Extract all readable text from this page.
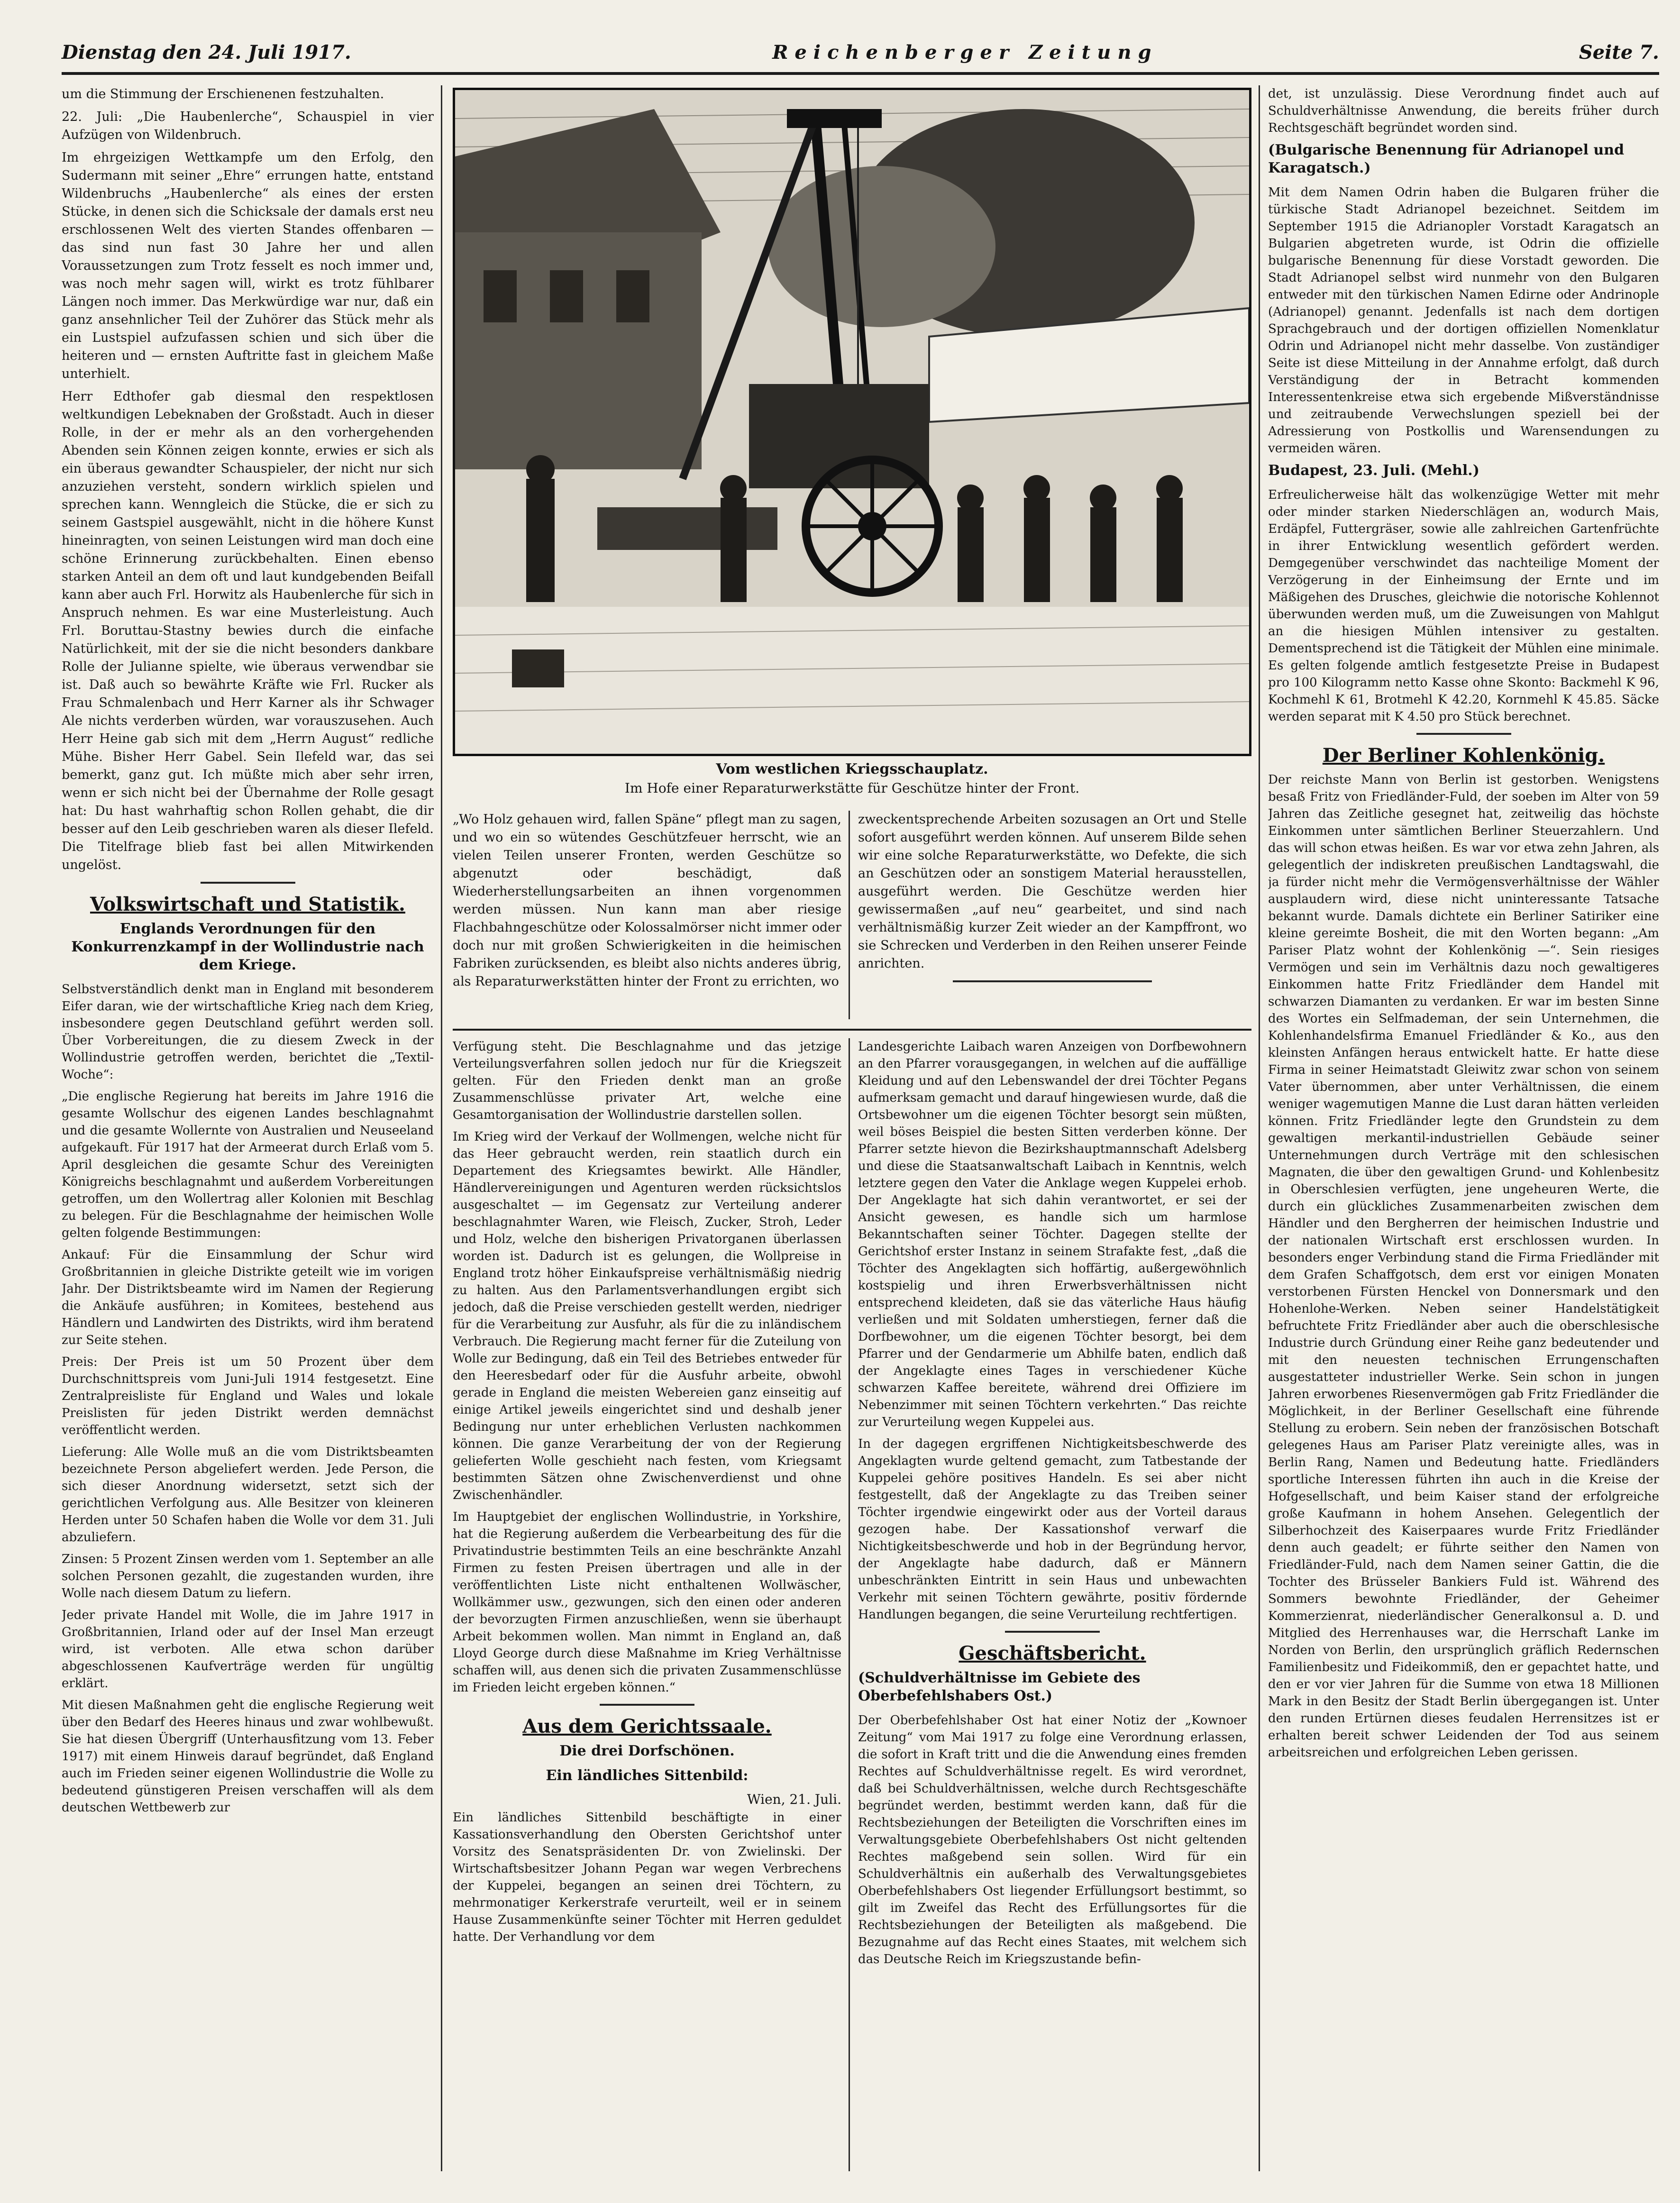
Dienstag den 24. Juli 1917.	Reichenberger Zeitung	Seite 7.

um die Stimmung der Erschienenen festzuhalten.

22. Juli: „Die Haubenlerche“, Schauspiel in vier Aufzügen von Wildenbruch.

Im ehrgeizigen Wettkampfe um den Erfolg, den Sudermann mit seiner „Ehre“ errungen hatte, entstand Wildenbruchs „Haubenlerche“ als eines der ersten Stücke, in denen sich die Schicksale der damals erst neu erschlossenen Welt des vierten Standes offenbaren — das sind nun fast 30 Jahre her und allen Voraussetzungen zum Trotz fesselt es noch immer und, was noch mehr sagen will, wirkt es trotz fühlbarer Längen noch immer. Das Merkwürdige war nur, daß ein ganz ansehnlicher Teil der Zuhörer das Stück mehr als ein Lustspiel aufzufassen schien und sich über die heiteren und — ernsten Auftritte fast in gleichem Maße unterhielt.

Herr Edthofer gab diesmal den respektlosen weltkundigen Lebeknaben der Großstadt. Auch in dieser Rolle, in der er mehr als an den vorhergehenden Abenden sein Können zeigen konnte, erwies er sich als ein überaus gewandter Schauspieler, der nicht nur sich anzuziehen versteht, sondern wirklich spielen und sprechen kann. Wenngleich die Stücke, die er sich zu seinem Gastspiel ausgewählt, nicht in die höhere Kunst hineinragten, von seinen Leistungen wird man doch eine schöne Erinnerung zurückbehalten. Einen ebenso starken Anteil an dem oft und laut kundgebenden Beifall kann aber auch Frl. Horwitz als Haubenlerche für sich in Anspruch nehmen. Es war eine Musterleistung. Auch Frl. Boruttau-Stastny bewies durch die einfache Natürlichkeit, mit der sie die nicht besonders dankbare Rolle der Julianne spielte, wie überaus verwendbar sie ist. Daß auch so bewährte Kräfte wie Frl. Rucker als Frau Schmalenbach und Herr Karner als ihr Schwager Ale nichts verderben würden, war vorauszusehen. Auch Herr Heine gab sich mit dem „Herrn August“ redliche Mühe. Bisher Herr Gabel. Sein Ilefeld war, das sei bemerkt, ganz gut. Ich müßte mich aber sehr irren, wenn er sich nicht bei der Übernahme der Rolle gesagt hat: Du hast wahrhaftig schon Rollen gehabt, die dir besser auf den Leib geschrieben waren als dieser Ilefeld. Die Titelfrage blieb fast bei allen Mitwirkenden ungelöst.

Volkswirtschaft und Statistik.
Englands Verordnungen für den Konkurrenzkampf in der Wollindustrie nach dem Kriege.

Selbstverständlich denkt man in England mit besonderem Eifer daran, wie der wirtschaftliche Krieg nach dem Krieg, insbesondere gegen Deutschland geführt werden soll. Über Vorbereitungen, die zu diesem Zweck in der Wollindustrie getroffen werden, berichtet die „Textil-Woche“:

„Die englische Regierung hat bereits im Jahre 1916 die gesamte Wollschur des eigenen Landes beschlagnahmt und die gesamte Wollernte von Australien und Neuseeland aufgekauft. Für 1917 hat der Armeerat durch Erlaß vom 5. April desgleichen die gesamte Schur des Vereinigten Königreichs beschlagnahmt und außerdem Vorbereitungen getroffen, um den Wollertrag aller Kolonien mit Beschlag zu belegen. Für die Beschlagnahme der heimischen Wolle gelten folgende Bestimmungen:

Ankauf: Für die Einsammlung der Schur wird Großbritannien in gleiche Distrikte geteilt wie im vorigen Jahr. Der Distriktsbeamte wird im Namen der Regierung die Ankäufe ausführen; in Komitees, bestehend aus Händlern und Landwirten des Distrikts, wird ihm beratend zur Seite stehen.

Preis: Der Preis ist um 50 Prozent über dem Durchschnittspreis vom Juni-Juli 1914 festgesetzt. Eine Zentralpreisliste für England und Wales und lokale Preislisten für jeden Distrikt werden demnächst veröffentlicht werden.

Lieferung: Alle Wolle muß an die vom Distriktsbeamten bezeichnete Person abgeliefert werden. Jede Person, die sich dieser Anordnung widersetzt, setzt sich der gerichtlichen Verfolgung aus. Alle Besitzer von kleineren Herden unter 50 Schafen haben die Wolle vor dem 31. Juli abzuliefern.

Zinsen: 5 Prozent Zinsen werden vom 1. September an alle solchen Personen gezahlt, die zugestanden wurden, ihre Wolle nach diesem Datum zu liefern.

Jeder private Handel mit Wolle, die im Jahre 1917 in Großbritannien, Irland oder auf der Insel Man erzeugt wird, ist verboten. Alle etwa schon darüber abgeschlossenen Kaufverträge werden für ungültig erklärt.

Mit diesen Maßnahmen geht die englische Regierung weit über den Bedarf des Heeres hinaus und zwar wohlbewußt. Sie hat diesen Übergriff (Unterhausfitzung vom 13. Feber 1917) mit einem Hinweis darauf begründet, daß England auch im Frieden seiner eigenen Wollindustrie die Wolle zu bedeutend günstigeren Preisen verschaffen will als dem deutschen Wettbewerb zur

Vom westlichen Kriegsschauplatz.
Im Hofe einer Reparaturwerkstätte für Geschütze hinter der Front.

„Wo Holz gehauen wird, fallen Späne“ pflegt man zu sagen, und wo ein so wütendes Geschützfeuer herrscht, wie an vielen Teilen unserer Fronten, werden Geschütze so abgenutzt oder beschädigt, daß Wiederherstellungsarbeiten an ihnen vorgenommen werden müssen. Nun kann man aber riesige Flachbahngeschütze oder Kolossalmörser nicht immer oder doch nur mit großen Schwierigkeiten in die heimischen Fabriken zurücksenden, es bleibt also nichts anderes übrig, als Reparaturwerkstätten hinter der Front zu errichten, wo

zweckentsprechende Arbeiten sozusagen an Ort und Stelle sofort ausgeführt werden können. Auf unserem Bilde sehen wir eine solche Reparaturwerkstätte, wo Defekte, die sich an Geschützen oder an sonstigem Material herausstellen, ausgeführt werden. Die Geschütze werden hier gewissermaßen „auf neu“ gearbeitet, und sind nach verhältnismäßig kurzer Zeit wieder an der Kampffront, wo sie Schrecken und Verderben in den Reihen unserer Feinde anrichten.

Verfügung steht. Die Beschlagnahme und das jetzige Verteilungsverfahren sollen jedoch nur für die Kriegszeit gelten. Für den Frieden denkt man an große Zusammenschlüsse privater Art, welche eine Gesamtorganisation der Wollindustrie darstellen sollen.

Im Krieg wird der Verkauf der Wollmengen, welche nicht für das Heer gebraucht werden, rein staatlich durch ein Departement des Kriegsamtes bewirkt. Alle Händler, Händlervereinigungen und Agenturen werden rücksichtslos ausgeschaltet — im Gegensatz zur Verteilung anderer beschlagnahmter Waren, wie Fleisch, Zucker, Stroh, Leder und Holz, welche den bisherigen Privatorganen überlassen worden ist. Dadurch ist es gelungen, die Wollpreise in England trotz höher Einkaufspreise verhältnismäßig niedrig zu halten. Aus den Parlamentsverhandlungen ergibt sich jedoch, daß die Preise verschieden gestellt werden, niedriger für die Verarbeitung zur Ausfuhr, als für die zu inländischem Verbrauch. Die Regierung macht ferner für die Zuteilung von Wolle zur Bedingung, daß ein Teil des Betriebes entweder für den Heeresbedarf oder für die Ausfuhr arbeite, obwohl gerade in England die meisten Webereien ganz einseitig auf einige Artikel jeweils eingerichtet sind und deshalb jener Bedingung nur unter erheblichen Verlusten nachkommen können. Die ganze Verarbeitung der von der Regierung gelieferten Wolle geschieht nach festen, vom Kriegsamt bestimmten Sätzen ohne Zwischenverdienst und ohne Zwischenhändler.

Im Hauptgebiet der englischen Wollindustrie, in Yorkshire, hat die Regierung außerdem die Verbearbeitung des für die Privatindustrie bestimmten Teils an eine beschränkte Anzahl Firmen zu festen Preisen übertragen und alle in der veröffentlichten Liste nicht enthaltenen Wollwäscher, Wollkämmer usw., gezwungen, sich den einen oder anderen der bevorzugten Firmen anzuschließen, wenn sie überhaupt Arbeit bekommen wollen. Man nimmt in England an, daß Lloyd George durch diese Maßnahme im Krieg Verhältnisse schaffen will, aus denen sich die privaten Zusammenschlüsse im Frieden leicht ergeben können.“

Aus dem Gerichtssaale.
Die drei Dorfschönen.
Ein ländliches Sittenbild:
Wien, 21. Juli.

Ein ländliches Sittenbild beschäftigte in einer Kassationsverhandlung den Obersten Gerichtshof unter Vorsitz des Senatspräsidenten Dr. von Zwielinski. Der Wirtschaftsbesitzer Johann Pegan war wegen Verbrechens der Kuppelei, begangen an seinen drei Töchtern, zu mehrmonatiger Kerkerstrafe verurteilt, weil er in seinem Hause Zusammenkünfte seiner Töchter mit Herren geduldet hatte. Der Verhandlung vor dem

Landesgerichte Laibach waren Anzeigen von Dorfbewohnern an den Pfarrer vorausgegangen, in welchen auf die auffällige Kleidung und auf den Lebenswandel der drei Töchter Pegans aufmerksam gemacht und darauf hingewiesen wurde, daß die Ortsbewohner um die eigenen Töchter besorgt sein müßten, weil böses Beispiel die besten Sitten verderben könne. Der Pfarrer setzte hievon die Bezirkshauptmannschaft Adelsberg und diese die Staatsanwaltschaft Laibach in Kenntnis, welch letztere gegen den Vater die Anklage wegen Kuppelei erhob. Der Angeklagte hat sich dahin verantwortet, er sei der Ansicht gewesen, es handle sich um harmlose Bekanntschaften seiner Töchter. Dagegen stellte der Gerichtshof erster Instanz in seinem Strafakte fest, „daß die Töchter des Angeklagten sich hoffärtig, außergewöhnlich kostspielig und ihren Erwerbsverhältnissen nicht entsprechend kleideten, daß sie das väterliche Haus häufig verließen und mit Soldaten umherstiegen, ferner daß die Dorfbewohner, um die eigenen Töchter besorgt, bei dem Pfarrer und der Gendarmerie um Abhilfe baten, endlich daß der Angeklagte eines Tages in verschiedener Küche schwarzen Kaffee bereitete, während drei Offiziere im Nebenzimmer mit seinen Töchtern verkehrten.“ Das reichte zur Verurteilung wegen Kuppelei aus.

In der dagegen ergriffenen Nichtigkeitsbeschwerde des Angeklagten wurde geltend gemacht, zum Tatbestande der Kuppelei gehöre positives Handeln. Es sei aber nicht festgestellt, daß der Angeklagte zu das Treiben seiner Töchter irgendwie eingewirkt oder aus der Vorteil daraus gezogen habe. Der Kassationshof verwarf die Nichtigkeitsbeschwerde und hob in der Begründung hervor, der Angeklagte habe dadurch, daß er Männern unbeschränkten Eintritt in sein Haus und unbewachten Verkehr mit seinen Töchtern gewährte, positiv fördernde Handlungen begangen, die seine Verurteilung rechtfertigen.

Geschäftsbericht.
(Schuldverhältnisse im Gebiete des Oberbefehlshabers Ost.)

Der Oberbefehlshaber Ost hat einer Notiz der „Kownoer Zeitung“ vom Mai 1917 zu folge eine Verordnung erlassen, die sofort in Kraft tritt und die die Anwendung eines fremden Rechtes auf Schuldverhältnisse regelt. Es wird verordnet, daß bei Schuldverhältnissen, welche durch Rechtsgeschäfte begründet werden, bestimmt werden kann, daß für die Rechtsbeziehungen der Beteiligten die Vorschriften eines im Verwaltungsgebiete Oberbefehlshabers Ost nicht geltenden Rechtes maßgebend sein sollen. Wird für ein Schuldverhältnis ein außerhalb des Verwaltungsgebietes Oberbefehlshabers Ost liegender Erfüllungsort bestimmt, so gilt im Zweifel das Recht des Erfüllungsortes für die Rechtsbeziehungen der Beteiligten als maßgebend. Die Bezugnahme auf das Recht eines Staates, mit welchem sich das Deutsche Reich im Kriegszustande befin-

det, ist unzulässig. Diese Verordnung findet auch auf Schuldverhältnisse Anwendung, die bereits früher durch Rechtsgeschäft begründet worden sind.

(Bulgarische Benennung für Adrianopel und Karagatsch.)

Mit dem Namen Odrin haben die Bulgaren früher die türkische Stadt Adrianopel bezeichnet. Seitdem im September 1915 die Adrianopler Vorstadt Karagatsch an Bulgarien abgetreten wurde, ist Odrin die offizielle bulgarische Benennung für diese Vorstadt geworden. Die Stadt Adrianopel selbst wird nunmehr von den Bulgaren entweder mit den türkischen Namen Edirne oder Andrinople (Adrianopel) genannt. Jedenfalls ist nach dem dortigen Sprachgebrauch und der dortigen offiziellen Nomenklatur Odrin und Adrianopel nicht mehr dasselbe. Von zuständiger Seite ist diese Mitteilung in der Annahme erfolgt, daß durch Verständigung der in Betracht kommenden Interessentenkreise etwa sich ergebende Mißverständnisse und zeitraubende Verwechslungen speziell bei der Adressierung von Postkollis und Warensendungen zu vermeiden wären.

Budapest, 23. Juli. (Mehl.)

Erfreulicherweise hält das wolkenzügige Wetter mit mehr oder minder starken Niederschlägen an, wodurch Mais, Erdäpfel, Futtergräser, sowie alle zahlreichen Gartenfrüchte in ihrer Entwicklung wesentlich gefördert werden. Demgegenüber verschwindet das nachteilige Moment der Verzögerung in der Einheimsung der Ernte und im Mäßigehen des Drusches, gleichwie die notorische Kohlennot überwunden werden muß, um die Zuweisungen von Mahlgut an die hiesigen Mühlen intensiver zu gestalten. Dementsprechend ist die Tätigkeit der Mühlen eine minimale. Es gelten folgende amtlich festgesetzte Preise in Budapest pro 100 Kilogramm netto Kasse ohne Skonto: Backmehl K 96, Kochmehl K 61, Brotmehl K 42.20, Kornmehl K 45.85. Säcke werden separat mit K 4.50 pro Stück berechnet.

Der Berliner Kohlenkönig.

Der reichste Mann von Berlin ist gestorben. Wenigstens besaß Fritz von Friedländer-Fuld, der soeben im Alter von 59 Jahren das Zeitliche gesegnet hat, zeitweilig das höchste Einkommen unter sämtlichen Berliner Steuerzahlern. Und das will schon etwas heißen. Es war vor etwa zehn Jahren, als gelegentlich der indiskreten preußischen Landtagswahl, die ja fürder nicht mehr die Vermögensverhältnisse der Wähler ausplaudern wird, diese nicht uninteressante Tatsache bekannt wurde. Damals dichtete ein Berliner Satiriker eine kleine gereimte Bosheit, die mit den Worten begann: „Am Pariser Platz wohnt der Kohlenkönig —“. Sein riesiges Vermögen und sein im Verhältnis dazu noch gewaltigeres Einkommen hatte Fritz Friedländer dem Handel mit schwarzen Diamanten zu verdanken. Er war im besten Sinne des Wortes ein Selfmademan, der sein Unternehmen, die Kohlenhandelsfirma Emanuel Friedländer & Ko., aus den kleinsten Anfängen heraus entwickelt hatte. Er hatte diese Firma in seiner Heimatstadt Gleiwitz zwar schon von seinem Vater übernommen, aber unter Verhältnissen, die einem weniger wagemutigen Manne die Lust daran hätten verleiden können. Fritz Friedländer legte den Grundstein zu dem gewaltigen merkantil-industriellen Gebäude seiner Unternehmungen durch Verträge mit den schlesischen Magnaten, die über den gewaltigen Grund- und Kohlenbesitz in Oberschlesien verfügten, jene ungeheuren Werte, die durch ein glückliches Zusammenarbeiten zwischen dem Händler und den Bergherren der heimischen Industrie und der nationalen Wirtschaft erst erschlossen wurden. In besonders enger Verbindung stand die Firma Friedländer mit dem Grafen Schaffgotsch, dem erst vor einigen Monaten verstorbenen Fürsten Henckel von Donnersmark und den Hohenlohe-Werken. Neben seiner Handelstätigkeit befruchtete Fritz Friedländer aber auch die oberschlesische Industrie durch Gründung einer Reihe ganz bedeutender und mit den neuesten technischen Errungenschaften ausgestatteter industrieller Werke. Sein schon in jungen Jahren erworbenes Riesenvermögen gab Fritz Friedländer die Möglichkeit, in der Berliner Gesellschaft eine führende Stellung zu erobern. Sein neben der französischen Botschaft gelegenes Haus am Pariser Platz vereinigte alles, was in Berlin Rang, Namen und Bedeutung hatte. Friedländers sportliche Interessen führten ihn auch in die Kreise der Hofgesellschaft, und beim Kaiser stand der erfolgreiche große Kaufmann in hohem Ansehen. Gelegentlich der Silberhochzeit des Kaiserpaares wurde Fritz Friedländer denn auch geadelt; er führte seither den Namen von Friedländer-Fuld, nach dem Namen seiner Gattin, die die Tochter des Brüsseler Bankiers Fuld ist. Während des Sommers bewohnte Friedländer, der Geheimer Kommerzienrat, niederländischer Generalkonsul a. D. und Mitglied des Herrenhauses war, die Herrschaft Lanke im Norden von Berlin, den ursprünglich gräflich Redernschen Familienbesitz und Fideikommiß, den er gepachtet hatte, und den er vor vier Jahren für die Summe von etwa 18 Millionen Mark in den Besitz der Stadt Berlin übergegangen ist. Unter den runden Ertürnen dieses feudalen Herrensitzes ist er erhalten bereit schwer Leidenden der Tod aus seinem arbeitsreichen und erfolgreichen Leben gerissen.
